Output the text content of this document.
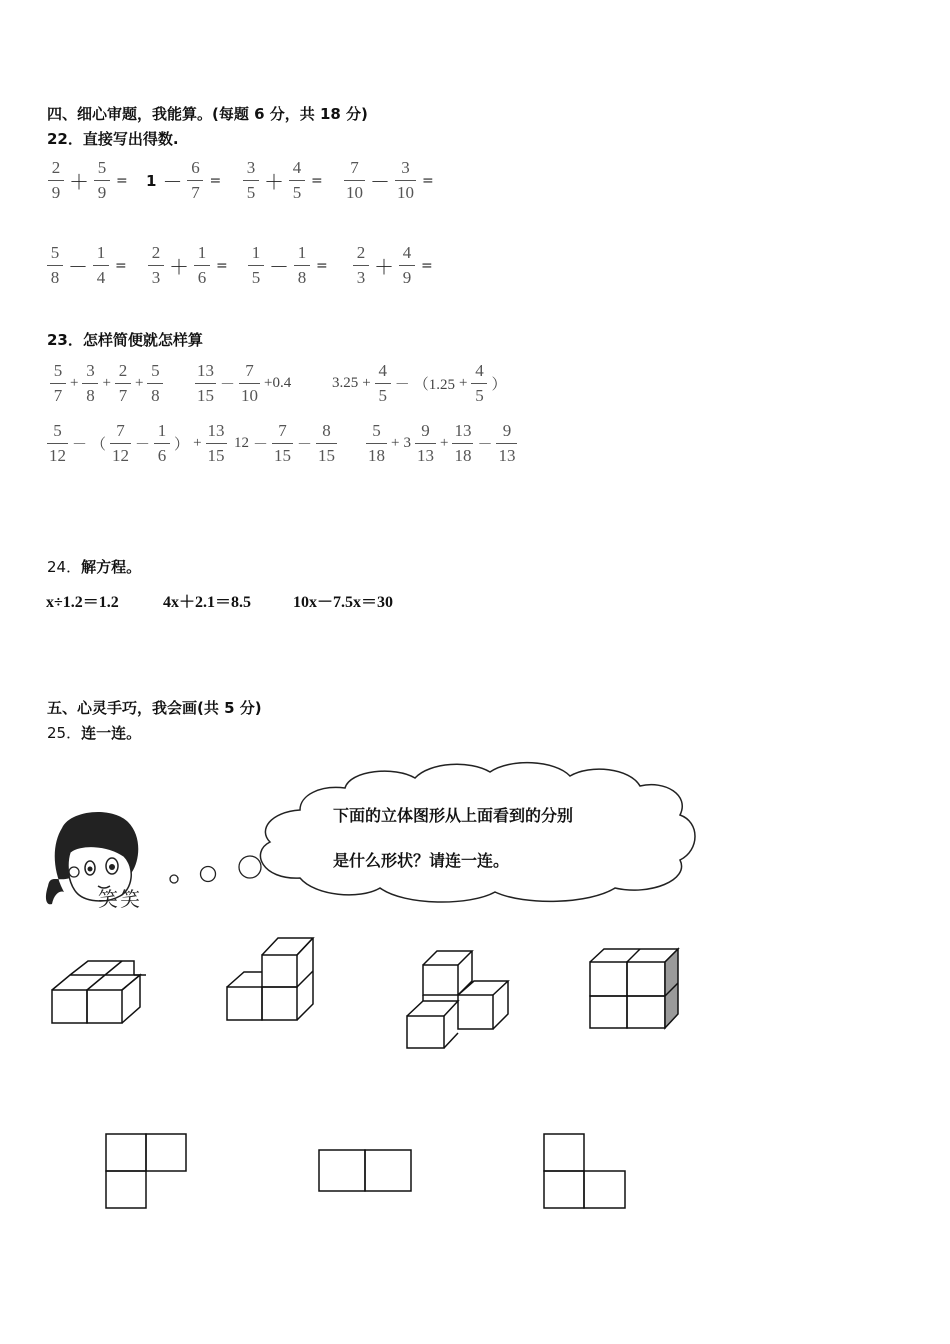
四、细心审题，我能算。(每题 6 分，共 18 分)
22．直接写出得数.
$\frac{2}{9} + \frac{5}{9} = 1 - \frac{6}{7} = \frac{3}{5} + \frac{4}{5} = \frac{7}{10} - \frac{3}{10}$ =
$\frac{5}{8} - \frac{1}{4} = \frac{2}{3} + \frac{1}{6} = \frac{1}{5} - \frac{1}{8} = \frac{2}{3} + \frac{4}{9}$ =
23．怎样简便就怎样算
$\frac{5}{7} + \frac{3}{8} + \frac{2}{7} + \frac{5}{8} \frac{13}{15} - \frac{7}{10} +0.4$	$3.25 + \frac{4}{5} - (1.25 + \frac{4}{5}$ ）
$\frac{5}{12}$ － （ $\frac{7}{12} - \frac{1}{6}$ ） + $\frac{13}{15} 12 - \frac{7}{15} - \frac{8}{15} \frac{5}{18} + 3 \frac{9}{13} + \frac{13}{18} - \frac{9}{13}$
24．解方程。
x÷1.2＝1.2	4x＋2.1＝8.5	10x－7.5x＝30
五、心灵手巧，我会画(共 5 分)
25．连一连。
下面的立体图形从上面看到的分别
是什么形状？请连一连。
笑笑
